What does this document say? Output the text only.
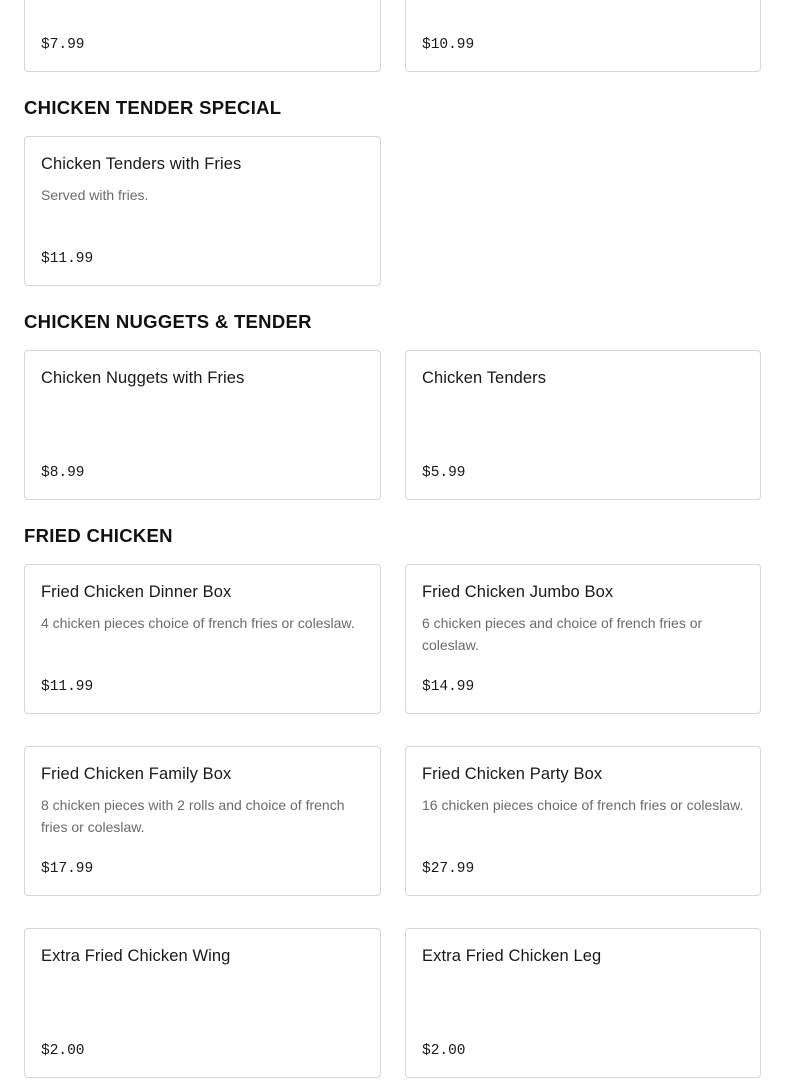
$7.99	$10.99
CHICKEN TENDER SPECIAL
Chicken Tenders with Fries
Served with fries.
$11.99
CHICKEN NUGGETS & TENDER
Chicken Nuggets with Fries
$8.99
Chicken Tenders
$5.99
FRIED CHICKEN
Fried Chicken Dinner Box
4 chicken pieces choice of french fries or coleslaw.
$11.99
Fried Chicken Jumbo Box
6 chicken pieces and choice of french fries or coleslaw.
$14.99
Fried Chicken Family Box
8 chicken pieces with 2 rolls and choice of french fries or coleslaw.
$17.99
Fried Chicken Party Box
16 chicken pieces choice of french fries or coleslaw.
$27.99
Extra Fried Chicken Wing
$2.00
Extra Fried Chicken Leg
$2.00
